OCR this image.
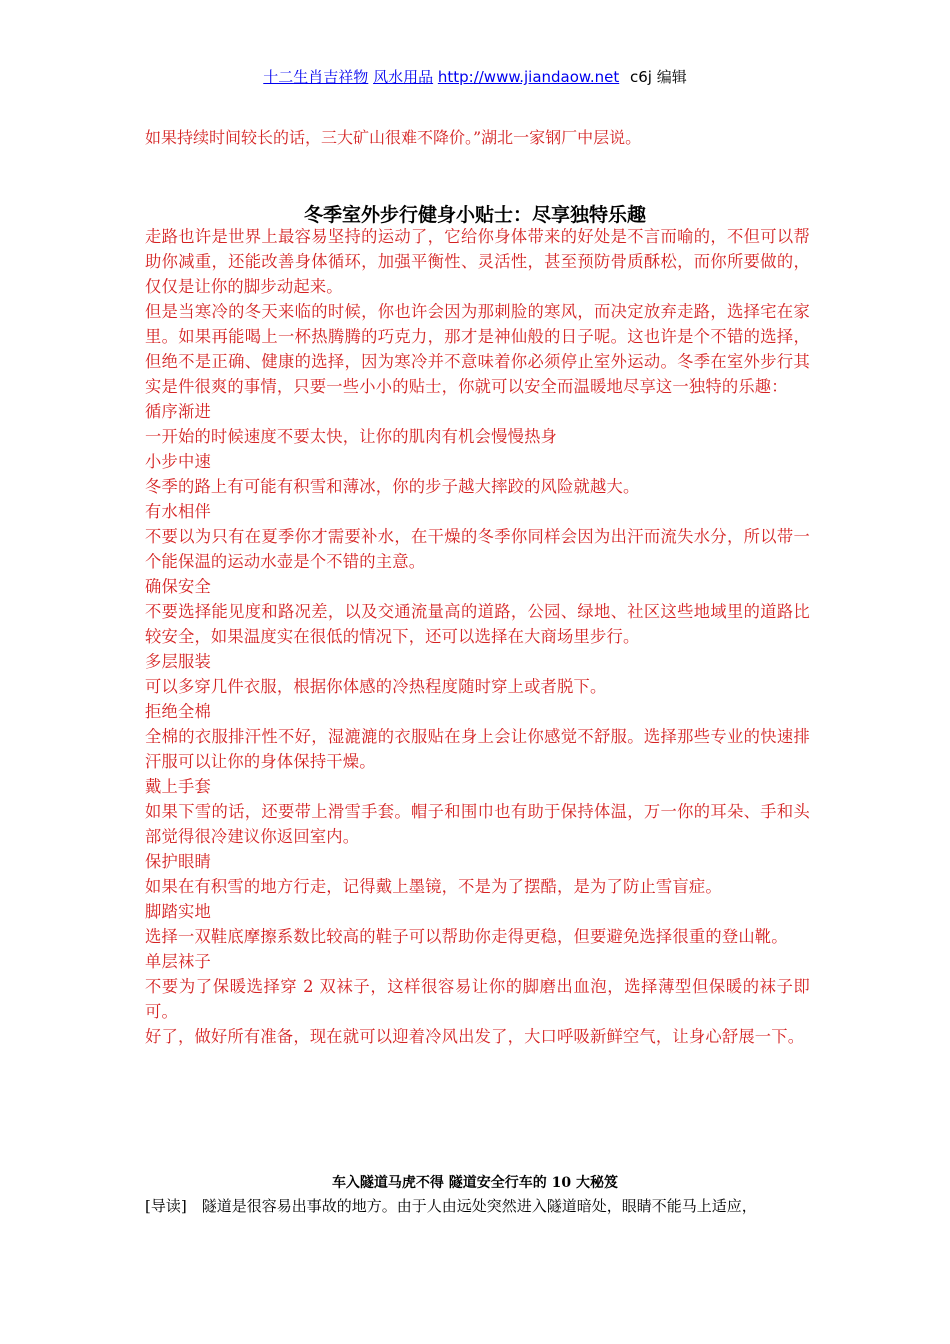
十二生肖吉祥物 风水用品 http://www.jiandaow.net c6j 编辑
如果持续时间较长的话，三大矿山很难不降价。”湖北一家钢厂中层说。
冬季室外步行健身小贴士：尽享独特乐趣

走路也许是世界上最容易坚持的运动了，它给你身体带来的好处是不言而喻的，不但可以帮助你减重，还能改善身体循环，加强平衡性、灵活性，甚至预防骨质酥松，而你所要做的，仅仅是让你的脚步动起来。

但是当寒冷的冬天来临的时候，你也许会因为那刺脸的寒风，而决定放弃走路，选择宅在家里。如果再能喝上一杯热腾腾的巧克力，那才是神仙般的日子呢。这也许是个不错的选择，但绝不是正确、健康的选择，因为寒冷并不意味着你必须停止室外运动。冬季在室外步行其实是件很爽的事情，只要一些小小的贴士，你就可以安全而温暖地尽享这一独特的乐趣：

循序渐进

一开始的时候速度不要太快，让你的肌肉有机会慢慢热身

小步中速

冬季的路上有可能有积雪和薄冰，你的步子越大摔跤的风险就越大。

有水相伴

不要以为只有在夏季你才需要补水，在干燥的冬季你同样会因为出汗而流失水分，所以带一个能保温的运动水壶是个不错的主意。

确保安全

不要选择能见度和路况差，以及交通流量高的道路，公园、绿地、社区这些地域里的道路比较安全，如果温度实在很低的情况下，还可以选择在大商场里步行。

多层服装

可以多穿几件衣服，根据你体感的冷热程度随时穿上或者脱下。

拒绝全棉

全棉的衣服排汗性不好，湿漉漉的衣服贴在身上会让你感觉不舒服。选择那些专业的快速排汗服可以让你的身体保持干燥。

戴上手套

如果下雪的话，还要带上滑雪手套。帽子和围巾也有助于保持体温，万一你的耳朵、手和头部觉得很冷建议你返回室内。

保护眼睛

如果在有积雪的地方行走，记得戴上墨镜，不是为了摆酷，是为了防止雪盲症。

脚踏实地

选择一双鞋底摩擦系数比较高的鞋子可以帮助你走得更稳，但要避免选择很重的登山靴。

单层袜子

不要为了保暖选择穿 2 双袜子，这样很容易让你的脚磨出血泡，选择薄型但保暖的袜子即可。

好了，做好所有准备，现在就可以迎着冷风出发了，大口呼吸新鲜空气，让身心舒展一下。

车入隧道马虎不得 隧道安全行车的 10 大秘笈
[导读]　隧道是很容易出事故的地方。由于人由远处突然进入隧道暗处，眼睛不能马上适应，
